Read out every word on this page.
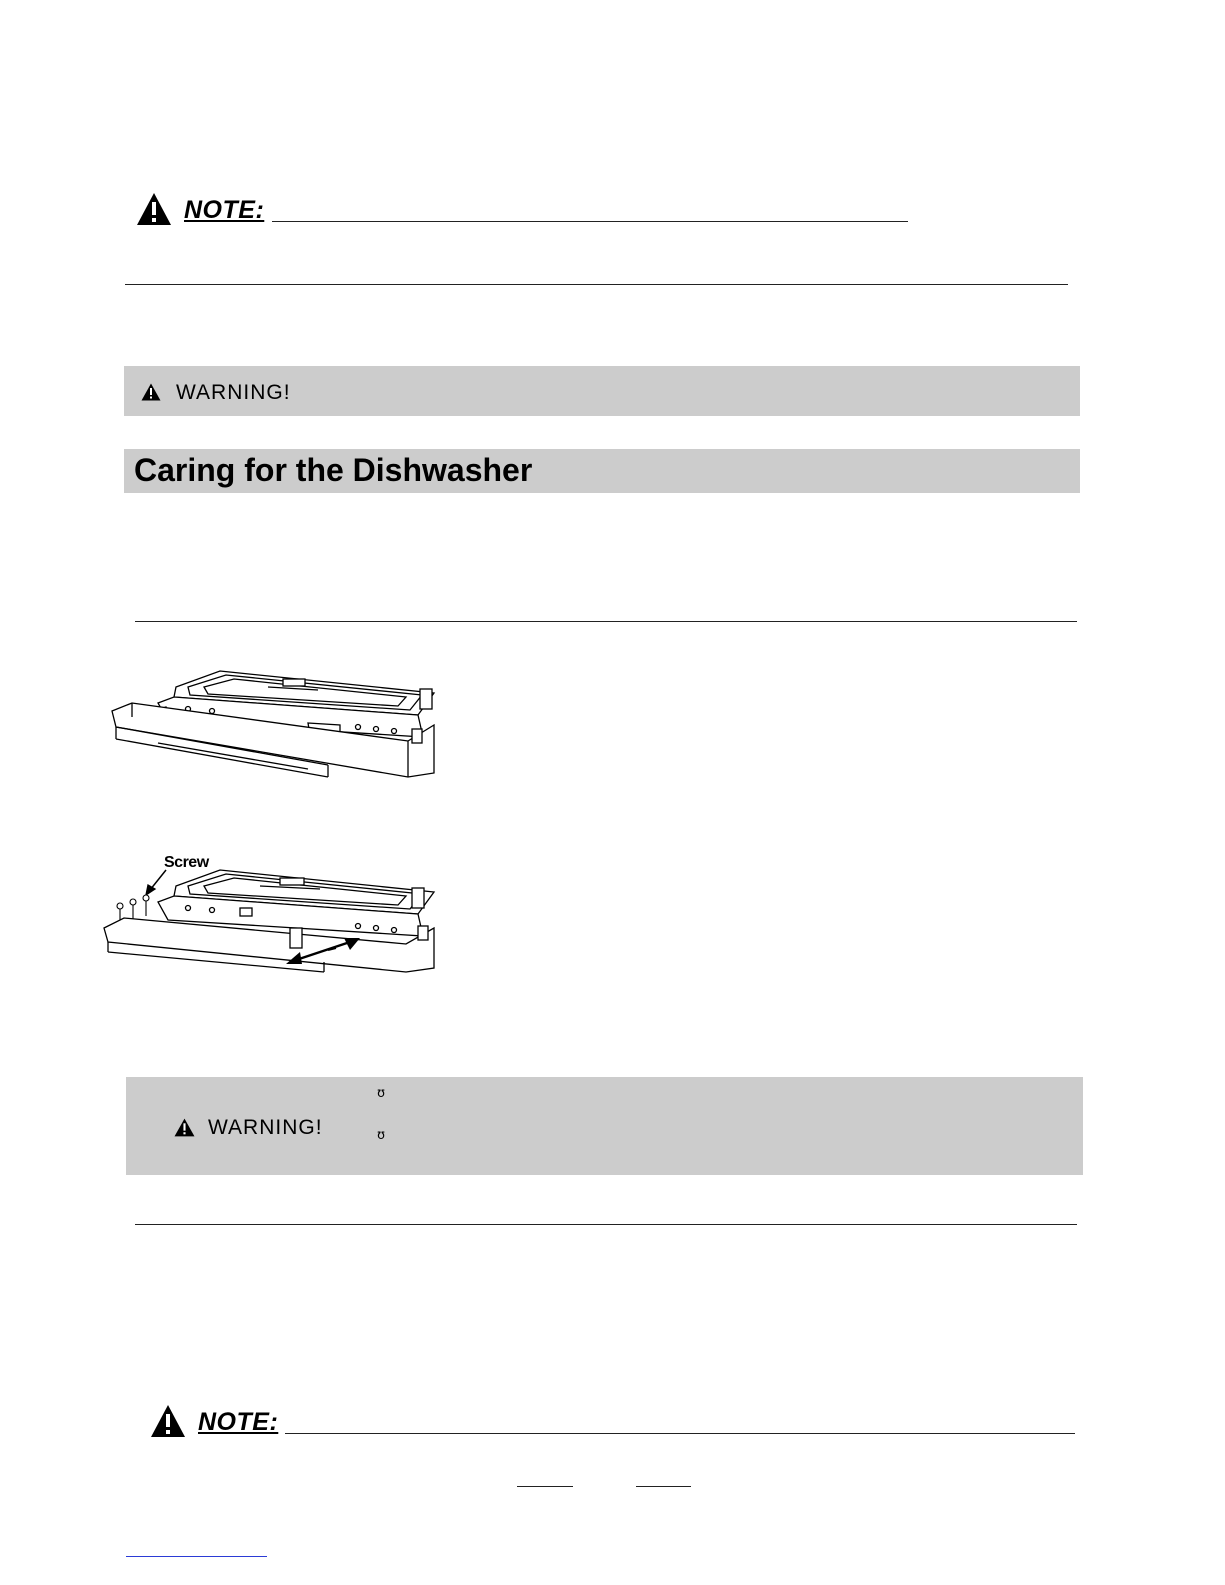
NOTE:
WARNING!
Caring for the Dishwasher
Screw
WARNING!
ʊ
ʊ
NOTE:
